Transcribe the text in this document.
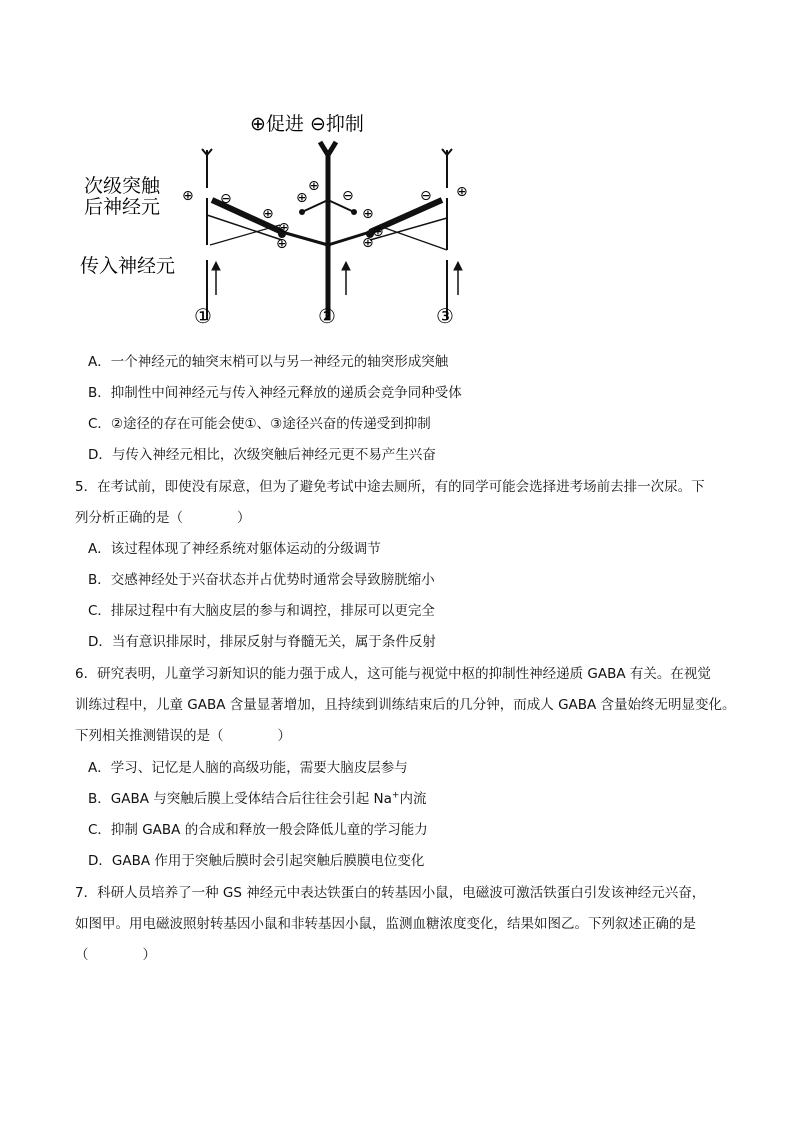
⊕促进 ⊖抑制
次级突触
后神经元
传入神经元
⊕ ⊖
⊕
⊕
⊕
⊕
⊕ ⊖
⊕
⊕
⊕
⊖ ⊕
①	②	③
A．一个神经元的轴突末梢可以与另一神经元的轴突形成突触
B．抑制性中间神经元与传入神经元释放的递质会竞争同种受体
C．②途径的存在可能会使①、③途径兴奋的传递受到抑制
D．与传入神经元相比，次级突触后神经元更不易产生兴奋
5．在考试前，即使没有尿意，但为了避免考试中途去厕所，有的同学可能会选择进考场前去排一次尿。下
列分析正确的是（　　　　）
A．该过程体现了神经系统对躯体运动的分级调节
B．交感神经处于兴奋状态并占优势时通常会导致膀胱缩小
C．排尿过程中有大脑皮层的参与和调控，排尿可以更完全
D．当有意识排尿时，排尿反射与脊髓无关，属于条件反射
6．研究表明，儿童学习新知识的能力强于成人，这可能与视觉中枢的抑制性神经递质 GABA 有关。在视觉
训练过程中，儿童 GABA 含量显著增加，且持续到训练结束后的几分钟，而成人 GABA 含量始终无明显变化。
下列相关推测错误的是（　　　　）
A．学习、记忆是人脑的高级功能，需要大脑皮层参与
B．GABA 与突触后膜上受体结合后往往会引起 Na+内流
C．抑制 GABA 的合成和释放一般会降低儿童的学习能力
D．GABA 作用于突触后膜时会引起突触后膜膜电位变化
7．科研人员培养了一种 GS 神经元中表达铁蛋白的转基因小鼠，电磁波可激活铁蛋白引发该神经元兴奋，
如图甲。用电磁波照射转基因小鼠和非转基因小鼠，监测血糖浓度变化，结果如图乙。下列叙述正确的是
（　　　　）
